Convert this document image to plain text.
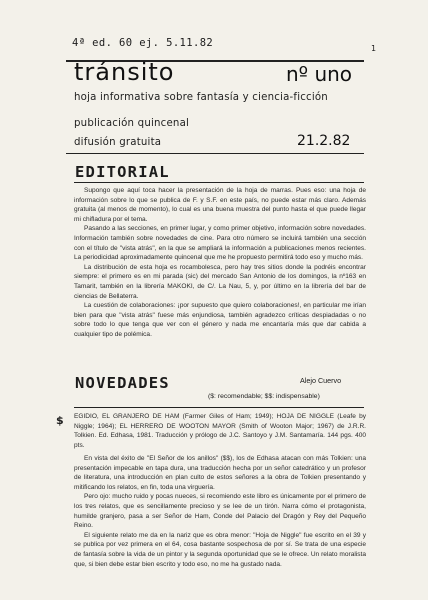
4ª ed. 60 ej. 5.11.82	1
tránsito	nº uno
hoja informativa sobre fantasía y ciencia-ficción
publicación quincenal
difusión gratuita	21.2.82
EDITORIAL

Supongo que aquí toca hacer la presentación de la hoja de marras. Pues eso: una hoja de información sobre lo que se publica de F. y S.F. en este país, no puede estar más claro. Además gratuita (al menos de momento), lo cual es una buena muestra del punto hasta el que puede llegar mi chifladura por el tema.

Pasando a las secciones, en primer lugar, y como primer objetivo, información sobre novedades. Información también sobre novedades de cine. Para otro número se incluirá también una sección con el título de "vista atrás", en la que se ampliará la información a publicaciones menos recientes. La periodicidad aproximadamente quincenal que me he propuesto permitirá todo eso y mucho más.

La distribución de esta hoja es rocambolesca, pero hay tres sitios donde la podréis encontrar siempre: el primero es en mi parada (sic) del mercado San Antonio de los domingos, la nº163 en Tamarit, también en la librería MAKOKI, de C/. La Nau, 5, y, por último en la librería del bar de ciencias de Bellaterra.

La cuestión de colaboraciones: ¡por supuesto que quiero colaboraciones!, en particular me irían bien para que "vista atrás" fuese más enjundiosa, también agradezco críticas despiadadas o no sobre todo lo que tenga que ver con el género y nada me encantaría más que dar cabida a cualquier tipo de polémica.

Alejo Cuervo
NOVEDADES
($: recomendable; $$: indispensable)
$ EGIDIO, EL GRANJERO DE HAM (Farmer Giles of Ham; 1949); HOJA DE NIGGLE (Leafe by Niggle; 1964); EL HERRERO DE WOOTON MAYOR (Smith of Wooton Major; 1967) de J.R.R. Tolkien. Ed. Edhasa, 1981. Traducción y prólogo de J.C. Santoyo y J.M. Santamaría. 144 pgs. 400 pts.

En vista del éxito de "El Señor de los anillos" ($$), los de Edhasa atacan con más Tolkien: una presentación impecable en tapa dura, una traducción hecha por un señor catedrático y un profesor de literatura, una introducción en plan culto de estos señores a la obra de Tolkien presentando y mitificando los relatos, en fin, toda una virguería.

Pero ojo: mucho ruido y pocas nueces, si recomiendo este libro es únicamente por el primero de los tres relatos, que es sencillamente precioso y se lee de un tirón. Narra cómo el protagonista, humilde granjero, pasa a ser Señor de Ham, Conde del Palacio del Dragón y Rey del Pequeño Reino.

El siguiente relato me da en la nariz que es obra menor: "Hoja de Niggle" fue escrito en el 39 y se publica por vez primera en el 64, cosa bastante sospechosa de por sí. Se trata de una especie de fantasía sobre la vida de un pintor y la segunda oportunidad que se le ofrece. Un relato moralista que, si bien debe estar bien escrito y todo eso, no me ha gustado nada.
